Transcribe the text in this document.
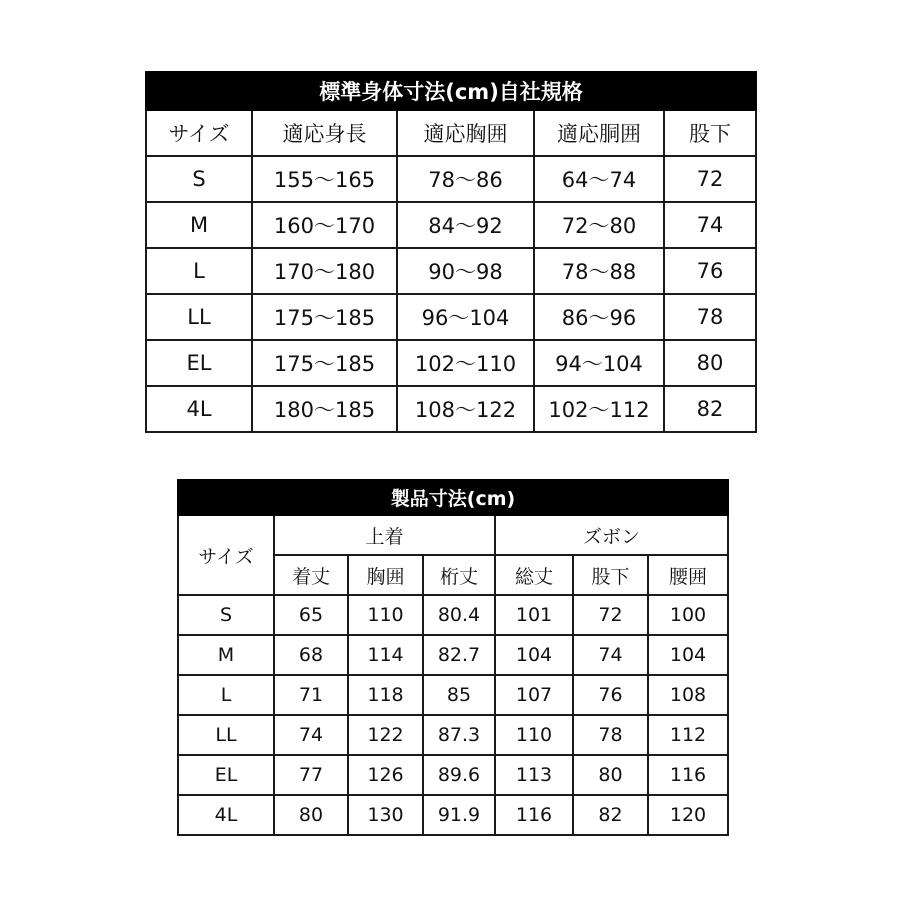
標準身体寸法(cm)自社規格				
サイズ	適応身長	適応胸囲	適応胴囲	股下
S	155〜165	78〜86	64〜74	72
M	160〜170	84〜92	72〜80	74
L	170〜180	90〜98	78〜88	76
LL	175〜185	96〜104	86〜96	78
EL	175〜185	102〜110	94〜104	80
4L	180〜185	108〜122	102〜112	82
製品寸法(cm)						
サイズ	上着			ズボン		
	着丈	胸囲	桁丈	総丈	股下	腰囲
S	65	110	80.4	101	72	100
M	68	114	82.7	104	74	104
L	71	118	85	107	76	108
LL	74	122	87.3	110	78	112
EL	77	126	89.6	113	80	116
4L	80	130	91.9	116	82	120
